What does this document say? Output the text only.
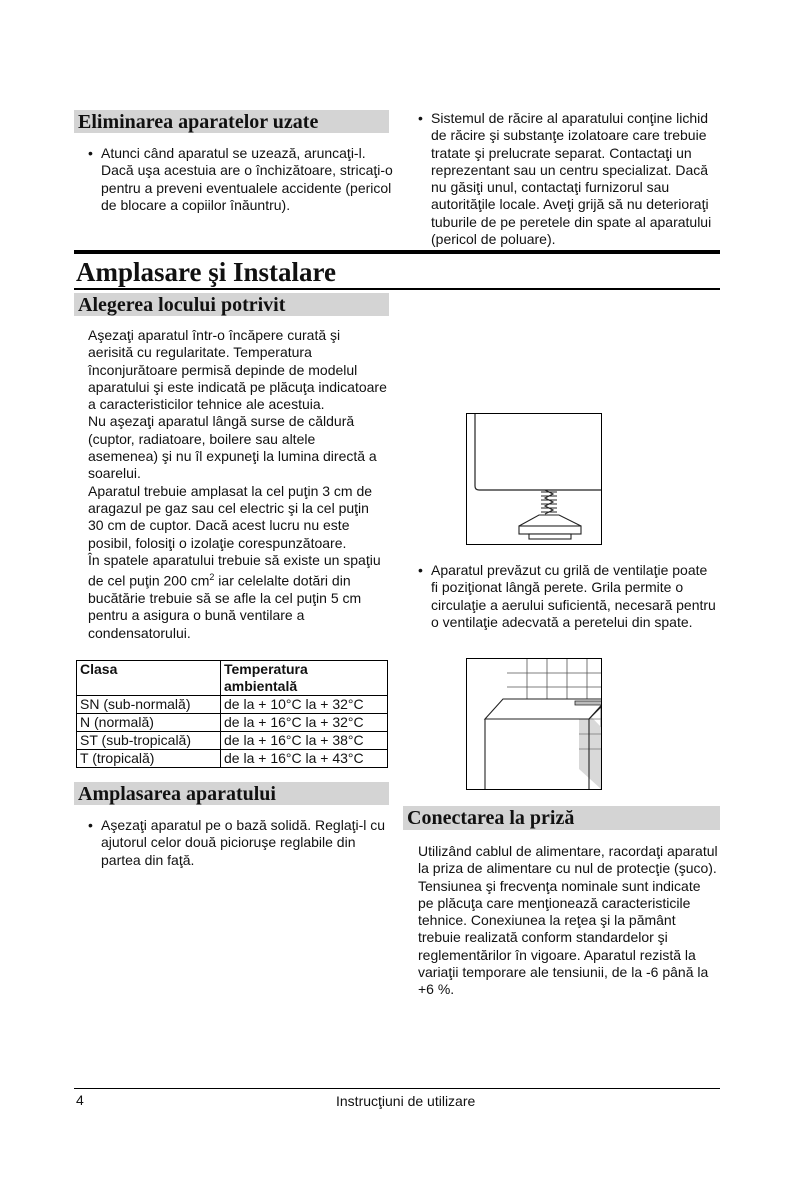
Eliminarea aparatelor uzate
• Atunci când aparatul se uzează, aruncaţi-l. Dacă uşa acestuia are o închizătoare, stricaţi-o pentru a preveni eventualele accidente (pericol de blocare a copiilor înăuntru).
• Sistemul de răcire al aparatului conţine lichid de răcire şi substanţe izolatoare care trebuie tratate şi prelucrate separat. Contactaţi un reprezentant sau un centru specializat. Dacă nu găsiţi unul, contactaţi furnizorul sau autorităţile locale. Aveţi grijă să nu deterioraţi tuburile de pe peretele din spate al aparatului (pericol de poluare).
Amplasare şi Instalare
Alegerea locului potrivit

Aşezaţi aparatul într-o încăpere curată şi aerisită cu regularitate. Temperatura înconjurătoare permisă depinde de modelul aparatului şi este indicată pe plăcuţa indicatoare a caracteristicilor tehnice ale acestuia.

Nu aşezaţi aparatul lângă surse de căldură (cuptor, radiatoare, boilere sau altele asemenea) şi nu îl expuneţi la lumina directă a soarelui.

Aparatul trebuie amplasat la cel puţin 3 cm de aragazul pe gaz sau cel electric şi la cel puţin 30 cm de cuptor. Dacă acest lucru nu este posibil, folosiţi o izolaţie corespunzătoare.

În spatele aparatului trebuie să existe un spaţiu de cel puţin 200 $cm^2$ iar celelalte dotări din bucătărie trebuie să se afle la cel puţin 5 cm pentru a asigura o bună ventilare a condensatorului.

Clasa	Temperatura ambientală
SN (sub-normală)	de la + 10°C la + 32°C
N (normală)	de la + 16°C la + 32°C
ST (sub-tropicală)	de la + 16°C la + 38°C
T (tropicală)	de la + 16°C la + 43°C
Amplasarea aparatului
• Aşezaţi aparatul pe o bază solidă. Reglaţi-l cu ajutorul celor două picioruşe reglabile din partea din faţă.
• Aparatul prevăzut cu grilă de ventilaţie poate fi poziţionat lângă perete. Grila permite o circulaţie a aerului suficientă, necesară pentru o ventilaţie adecvată a peretelui din spate.
Conectarea la priză

Utilizând cablul de alimentare, racordaţi aparatul la priza de alimentare cu nul de protecţie (şuco).

Tensiunea şi frecvenţa nominale sunt indicate pe plăcuţa care menţionează caracteristicile tehnice. Conexiunea la reţea şi la pământ trebuie realizată conform standardelor şi reglementărilor în vigoare. Aparatul rezistă la variaţii temporare ale tensiunii, de la -6 până la +6 %.

4	Instrucţiuni de utilizare
